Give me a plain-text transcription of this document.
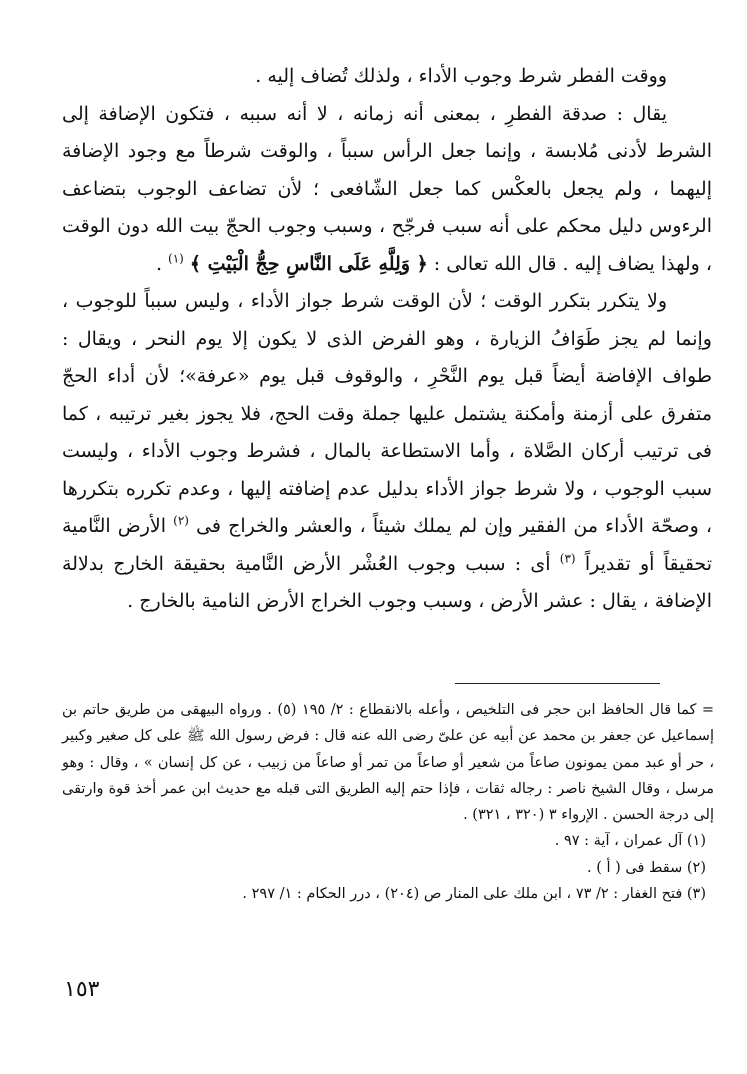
ووقت الفطر شرط وجوب الأداء ، ولذلك تُضاف إليه .

يقال : صدقة الفطرِ ، بمعنى أنه زمانه ، لا أنه سببه ، فتكون الإضافة إلى الشرط لأدنى مُلابسة ، وإنما جعل الرأس سبباً ، والوقت شرطاً مع وجود الإضافة إليهما ، ولم يجعل بالعكْس كما جعل الشّافعى ؛ لأن تضاعف الوجوب بتضاعف الرءوس دليل محكم على أنه سبب فرجّح ، وسبب وجوب الحجّ بيت الله دون الوقت ، ولهذا يضاف إليه . قال الله تعالى : ﴿ وَلِلَّهِ عَلَى النَّاسِ حِجُّ الْبَيْتِ ﴾ $^{(١)}$ .

ولا يتكرر بتكرر الوقت ؛ لأن الوقت شرط جواز الأداء ، وليس سبباً للوجوب ، وإنما لم يجز طَوَافُ الزيارة ، وهو الفرض الذى لا يكون إلا يوم النحر ، ويقال : طواف الإفاضة أيضاً قبل يوم النَّحْرِ ، والوقوف قبل يوم «عرفة»؛ لأن أداء الحجّ متفرق على أزمنة وأمكنة يشتمل عليها جملة وقت الحج، فلا يجوز بغير ترتيبه ، كما فى ترتيب أركان الصَّلاة ، وأما الاستطاعة بالمال ، فشرط وجوب الأداء ، وليست سبب الوجوب ، ولا شرط جواز الأداء بدليل عدم إضافته إليها ، وعدم تكرره بتكررها ، وصحّة الأداء من الفقير وإن لم يملك شيئاً ، والعشر والخراج فى $^{(٢)}$ الأرض النَّامية تحقيقاً أو تقديراً $^{(٣)}$ أى : سبب وجوب العُشْر الأرض النَّامية بحقيقة الخارج بدلالة الإضافة ، يقال : عشر الأرض ، وسبب وجوب الخراج الأرض النامية بالخارج .

= كما قال الحافظ ابن حجر فى التلخيص ، وأعله بالانقطاع : ٢/ ١٩٥ (٥) . ورواه البيهقى من طريق حاتم بن إسماعيل عن جعفر بن محمد عن أبيه عن علىّ رضى الله عنه قال : فرض رسول الله ﷺ على كل صغير وكبير ، حر أو عبد ممن يمونون صاعاً من شعير أو صاعاً من تمر أو صاعاً من زبيب ، عن كل إنسان » ، وقال : وهو مرسل ، وقال الشيخ ناصر : رجاله ثقات ، فإذا حتم إليه الطريق التى قبله مع حديث ابن عمر أخذ قوة وارتقى إلى درجة الحسن . الإرواء ٣ (٣٢٠ ، ٣٢١) .

(١) آل عمران ، آية : ٩٧ .

(٢) سقط فى ( أ ) .

(٣) فتح الغفار : ٢/ ٧٣ ، ابن ملك على المنار ص (٢٠٤) ، درر الحكام : ١/ ٢٩٧ .

١٥٣
